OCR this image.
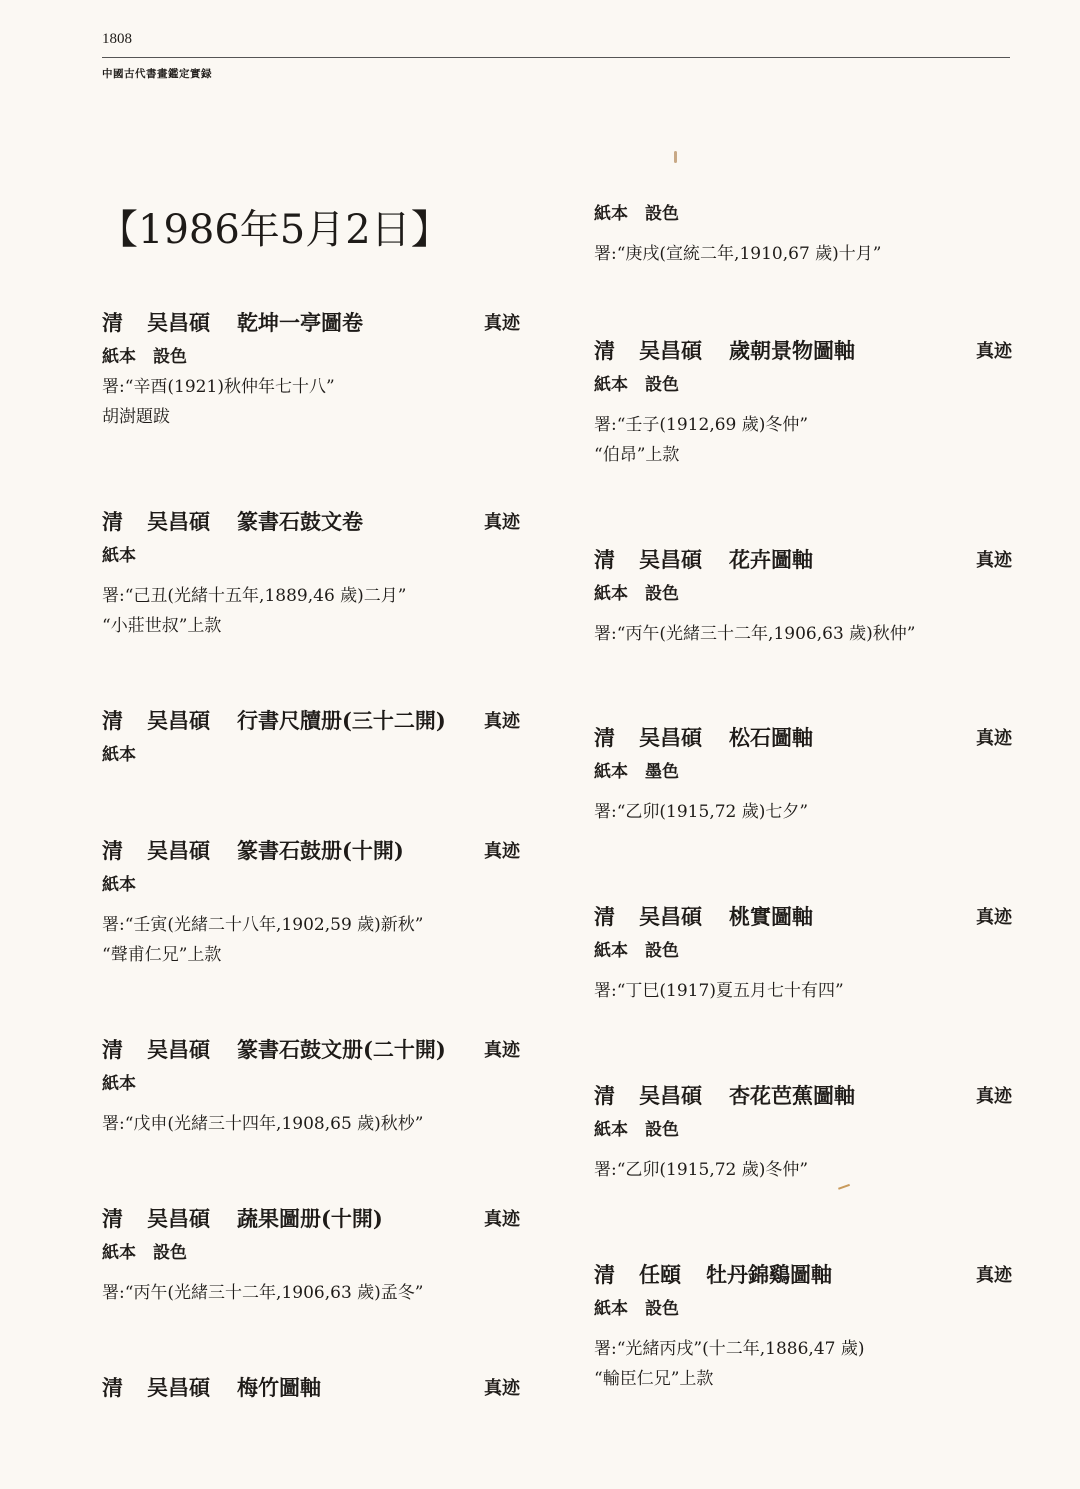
1808
中國古代書畫鑑定實録
【1986年5月2日】
清 吴昌碩 乾坤一亭圖卷	真迹
紙本　設色
署:“辛酉(1921)秋仲年七十八”
胡澍題跋
清 吴昌碩 篆書石鼓文卷	真迹
紙本
署:“己丑(光緒十五年,1889,46 歲)二月”
“小莊世叔”上款
清 吴昌碩 行書尺牘册(三十二開) 真迹
紙本
清 吴昌碩 篆書石鼓册(十開)	真迹
紙本
署:“壬寅(光緒二十八年,1902,59 歲)新秋”
“聲甫仁兄”上款
清 吴昌碩 篆書石鼓文册(二十開) 真迹
紙本
署:“戊申(光緒三十四年,1908,65 歲)秋杪”
清 吴昌碩 蔬果圖册(十開)	真迹
紙本　設色
署:“丙午(光緒三十二年,1906,63 歲)孟冬”
清 吴昌碩 梅竹圖軸	真迹
紙本　設色
署:“庚戌(宣統二年,1910,67 歲)十月”
清 吴昌碩 歲朝景物圖軸	真迹
紙本　設色
署:“壬子(1912,69 歲)冬仲”
“伯昂”上款
清 吴昌碩 花卉圖軸	真迹
紙本　設色
署:“丙午(光緒三十二年,1906,63 歲)秋仲”
清 吴昌碩 松石圖軸	真迹
紙本　墨色
署:“乙卯(1915,72 歲)七夕”
清 吴昌碩 桃實圖軸	真迹
紙本　設色
署:“丁巳(1917)夏五月七十有四”
清 吴昌碩 杏花芭蕉圖軸	真迹
紙本　設色
署:“乙卯(1915,72 歲)冬仲”
清 任頤 牡丹錦鷄圖軸	真迹
紙本　設色
署:“光緒丙戌”(十二年,1886,47 歲)
“輸臣仁兄”上款
